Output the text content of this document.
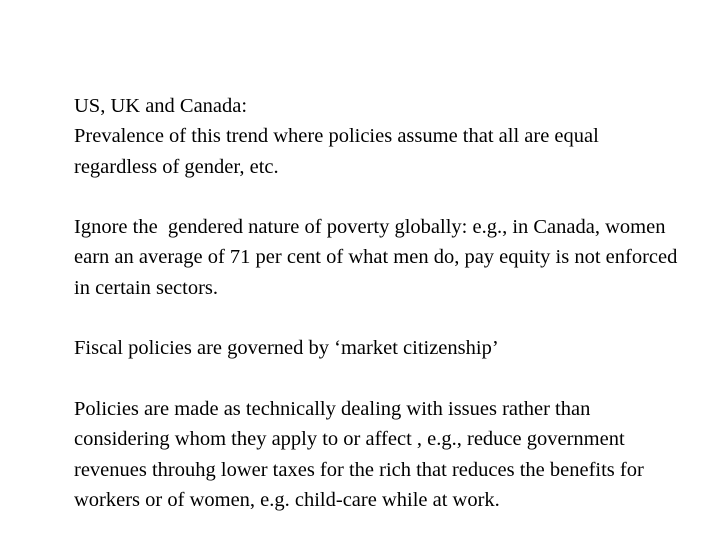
US, UK and Canada:
Prevalence of this trend where policies assume that all are equal regardless of gender, etc.

Ignore the  gendered nature of poverty globally: e.g., in Canada, women earn an average of 71 per cent of what men do, pay equity is not enforced in certain sectors.

Fiscal policies are governed by ‘market citizenship’

Policies are made as technically dealing with issues rather than considering whom they apply to or affect , e.g., reduce government revenues throuhg lower taxes for the rich that reduces the benefits for workers or of women, e.g. child-care while at work.
